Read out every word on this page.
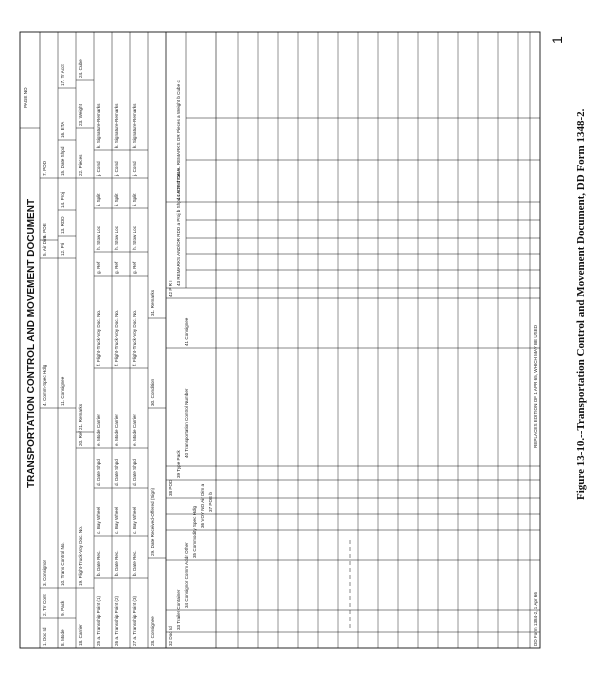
TRANSPORTATION CONTROL AND MOVEMENT DOCUMENT
PAGE NO
1. Doc Id
2. Trr Cont
3. Consignor
4. Comm-Spec Hdlg
5. Air Dim
6. POE
7. POD
8. Mode
9. Pack
10. Trans Control No.
11. Consignee
12. Pri
13. RDD
14. Proj
15. Date Shpd
16. ETA
17. Tr Acct
18. Carrier
19. Flight-Truck-Voy Doc. No.
20. Ref
21. Remarks
22. Pieces
23. Weight
24. Cube
25 a. Transship Point (1)
b. Date Rec.
c. Bay Wheel
d. Date Shpd
e. Mode Carrier
f. Flight-Truck-Voy Doc. No.
g. Ref
h. Stow Loc
i. Split
j. Cond
k. Signature-Remarks
26 a. Transship Point (2)
b. Date Rec.
c. Bay Wheel
d. Date Shpd
e. Mode Carrier
f. Flight-Truck-Voy Doc. No.
g. Ref
h. Stow Loc
i. Split
j. Cond
k. Signature-Remarks
27 a. Transship Point (3)
b. Date Rec.
c. Bay Wheel
d. Date Shpd
e. Mode Carrier
f. Flight-Truck-Voy Doc. No.
g. Ref
h. Stow Loc
i. Split
j. Cond
k. Signature-Remarks
28. Consignee
29. Date Received-Offered (Sign)
30. Condition
31. Remarks
32 Doc Id
33 Trailer Container
34 Consignor Comm Addr Other
35 Commodity Spec Hdlg 36 VOY NO Air Dim a 37 POE b
38 POD
39 Type Pack
40 Transportation Control Number
41 Consignee
42 P R I
43 REMARKS AND/OR RDD a Proj b Shpd c ETA d Tac e
44 ADDITIONAL REMARKS OR Pieces a Weight b Cube c
DD Form 1384-2, 1 Apr 66
REPLACES EDITION OF 1 APR 65, WHICH MAY BE USED	Figure 13-10.--Transportation Control and Movement Document, DD Form 1348-2.
1
